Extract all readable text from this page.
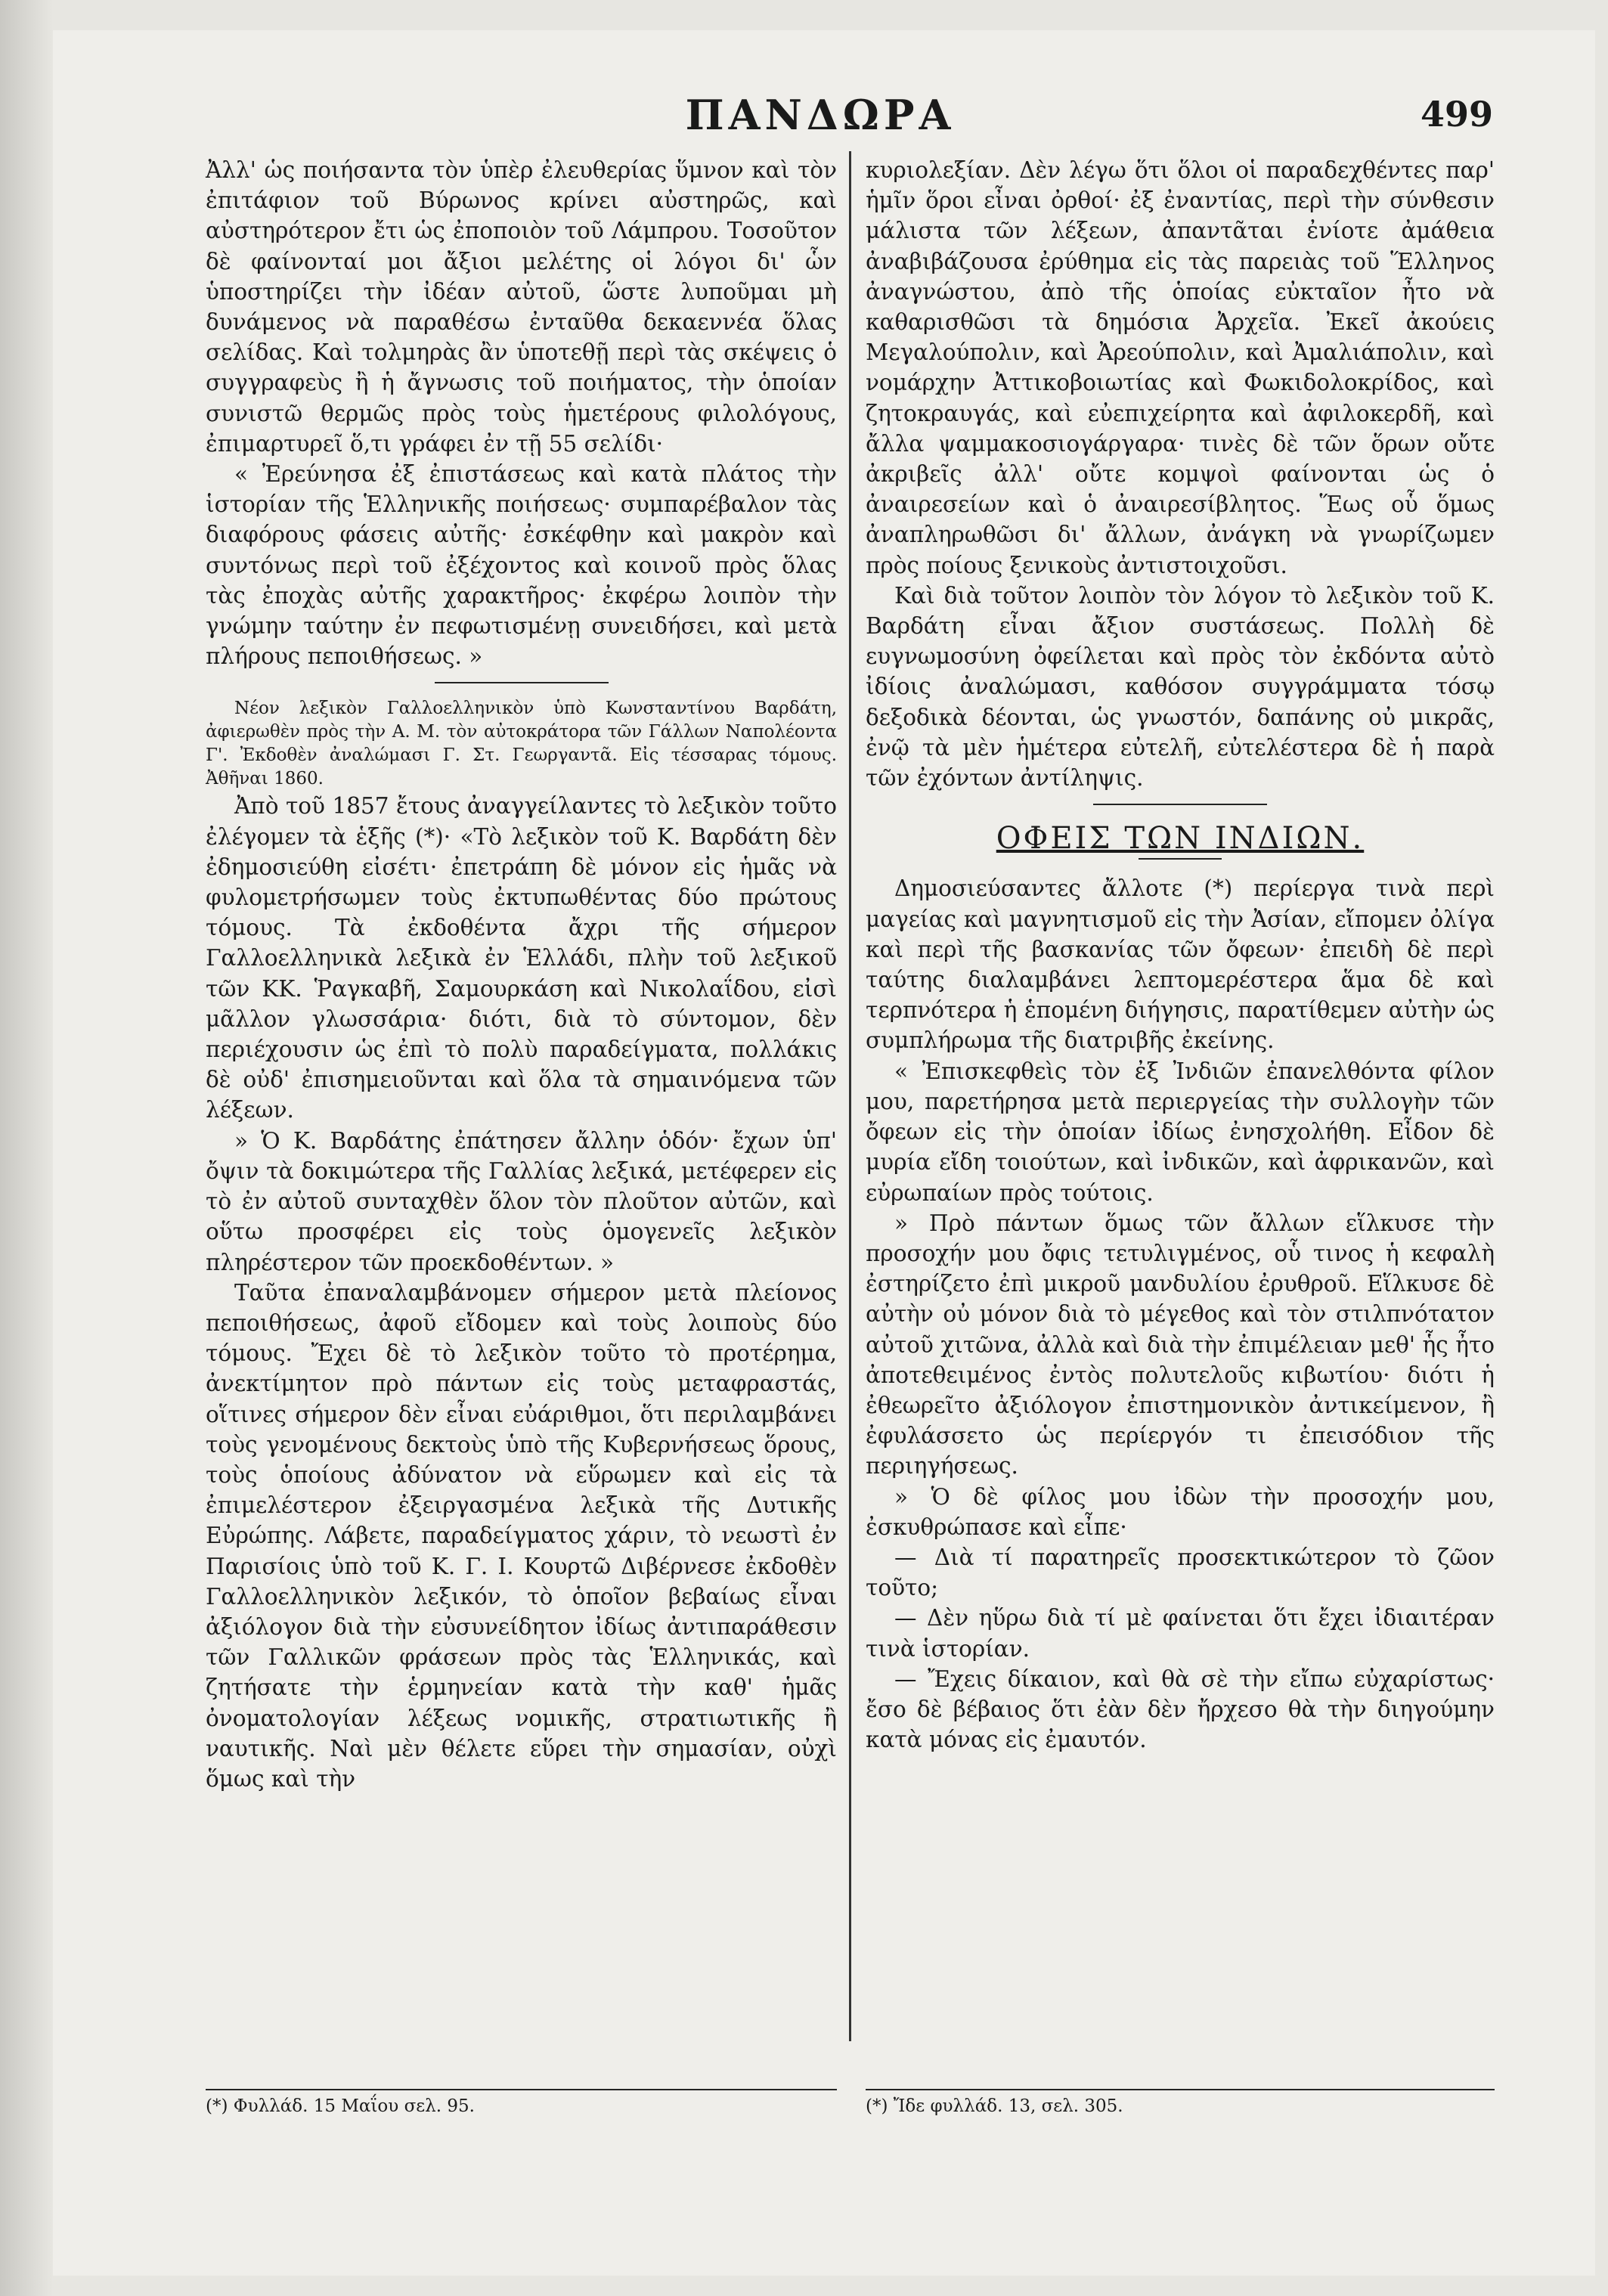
ΠΑΝΔΩΡΑ	499

Ἀλλ' ὡς ποιήσαντα τὸν ὑπὲρ ἐλευθερίας ὕμνον καὶ τὸν ἐπιτάφιον τοῦ Βύρωνος κρίνει αὐστηρῶς, καὶ αὐστηρότερον ἔτι ὡς ἐποποιὸν τοῦ Λάμπρου. Τοσοῦτον δὲ φαίνονταί μοι ἄξιοι μελέτης οἱ λόγοι δι' ὧν ὑποστηρίζει τὴν ἰδέαν αὐτοῦ, ὥστε λυποῦμαι μὴ δυνάμενος νὰ παραθέσω ἐνταῦθα δεκαεννέα ὅλας σελίδας. Καὶ τολμηρὰς ἂν ὑποτεθῇ περὶ τὰς σκέψεις ὁ συγγραφεὺς ἢ ἡ ἄγνωσις τοῦ ποιήματος, τὴν ὁποίαν συνιστῶ θερμῶς πρὸς τοὺς ἡμετέρους φιλολόγους, ἐπιμαρτυρεῖ ὅ,τι γράφει ἐν τῇ 55 σελίδι·

« Ἐρεύνησα ἐξ ἐπιστάσεως καὶ κατὰ πλάτος τὴν ἱστορίαν τῆς Ἑλληνικῆς ποιήσεως· συμπαρέβαλον τὰς διαφόρους φάσεις αὐτῆς· ἐσκέφθην καὶ μακρὸν καὶ συντόνως περὶ τοῦ ἐξέχοντος καὶ κοινοῦ πρὸς ὅλας τὰς ἐποχὰς αὐτῆς χαρακτῆρος· ἐκφέρω λοιπὸν τὴν γνώμην ταύτην ἐν πεφωτισμένῃ συνειδήσει, καὶ μετὰ πλήρους πεποιθήσεως. »

Νέον λεξικὸν Γαλλοελληνικὸν ὑπὸ Κωνσταντίνου Βαρδάτη, ἀφιερωθὲν πρὸς τὴν Α. Μ. τὸν αὐτοκράτορα τῶν Γάλλων Ναπολέοντα Γ'. Ἐκδοθὲν ἀναλώμασι Γ. Στ. Γεωργαντᾶ. Εἰς τέσσαρας τόμους. Ἀθῆναι 1860.

Ἀπὸ τοῦ 1857 ἔτους ἀναγγείλαντες τὸ λεξικὸν τοῦτο ἐλέγομεν τὰ ἑξῆς (*)· «Τὸ λεξικὸν τοῦ Κ. Βαρδάτη δὲν ἐδημοσιεύθη εἰσέτι· ἐπετράπη δὲ μόνον εἰς ἡμᾶς νὰ φυλομετρήσωμεν τοὺς ἐκτυπωθέντας δύο πρώτους τόμους. Τὰ ἐκδοθέντα ἄχρι τῆς σήμερον Γαλλοελληνικὰ λεξικὰ ἐν Ἑλλάδι, πλὴν τοῦ λεξικοῦ τῶν ΚΚ. Ῥαγκαβῆ, Σαμουρκάση καὶ Νικολαΐδου, εἰσὶ μᾶλλον γλωσσάρια· διότι, διὰ τὸ σύντομον, δὲν περιέχουσιν ὡς ἐπὶ τὸ πολὺ παραδείγματα, πολλάκις δὲ οὐδ' ἐπισημειοῦνται καὶ ὅλα τὰ σημαινόμενα τῶν λέξεων.

» Ὁ Κ. Βαρδάτης ἐπάτησεν ἄλλην ὁδόν· ἔχων ὑπ' ὄψιν τὰ δοκιμώτερα τῆς Γαλλίας λεξικά, μετέφερεν εἰς τὸ ἐν αὐτοῦ συνταχθὲν ὅλον τὸν πλοῦτον αὐτῶν, καὶ οὕτω προσφέρει εἰς τοὺς ὁμογενεῖς λεξικὸν πληρέστερον τῶν προεκδοθέντων. »

Ταῦτα ἐπαναλαμβάνομεν σήμερον μετὰ πλείονος πεποιθήσεως, ἀφοῦ εἴδομεν καὶ τοὺς λοιποὺς δύο τόμους. Ἔχει δὲ τὸ λεξικὸν τοῦτο τὸ προτέρημα, ἀνεκτίμητον πρὸ πάντων εἰς τοὺς μεταφραστάς, οἵτινες σήμερον δὲν εἶναι εὐάριθμοι, ὅτι περιλαμβάνει τοὺς γενομένους δεκτοὺς ὑπὸ τῆς Κυβερνήσεως ὅρους, τοὺς ὁποίους ἀδύνατον νὰ εὕρωμεν καὶ εἰς τὰ ἐπιμελέστερον ἐξειργασμένα λεξικὰ τῆς Δυτικῆς Εὐρώπης. Λάβετε, παραδείγματος χάριν, τὸ νεωστὶ ἐν Παρισίοις ὑπὸ τοῦ Κ. Γ. Ι. Κουρτῶ Διβέρνεσε ἐκδοθὲν Γαλλοελληνικὸν λεξικόν, τὸ ὁποῖον βεβαίως εἶναι ἀξιόλογον διὰ τὴν εὐσυνείδητον ἰδίως ἀντιπαράθεσιν τῶν Γαλλικῶν φράσεων πρὸς τὰς Ἑλληνικάς, καὶ ζητήσατε τὴν ἑρμηνείαν κατὰ τὴν καθ' ἡμᾶς ὀνοματολογίαν λέξεως νομικῆς, στρατιωτικῆς ἢ ναυτικῆς. Ναὶ μὲν θέλετε εὕρει τὴν σημασίαν, οὐχὶ ὅμως καὶ τὴν

κυριολεξίαν. Δὲν λέγω ὅτι ὅλοι οἱ παραδεχθέντες παρ' ἡμῖν ὅροι εἶναι ὀρθοί· ἐξ ἐναντίας, περὶ τὴν σύνθεσιν μάλιστα τῶν λέξεων, ἀπαντᾶται ἐνίοτε ἀμάθεια ἀναβιβάζουσα ἐρύθημα εἰς τὰς παρειὰς τοῦ Ἕλληνος ἀναγνώστου, ἀπὸ τῆς ὁποίας εὐκταῖον ἦτο νὰ καθαρισθῶσι τὰ δημόσια Ἀρχεῖα. Ἐκεῖ ἀκούεις Μεγαλούπολιν, καὶ Ἀρεούπολιν, καὶ Ἀμαλιάπολιν, καὶ νομάρχην Ἀττικοβοιωτίας καὶ Φωκιδολοκρίδος, καὶ ζητοκραυγάς, καὶ εὐεπιχείρητα καὶ ἀφιλοκερδῆ, καὶ ἄλλα ψαμμακοσιογάργαρα· τινὲς δὲ τῶν ὅρων οὔτε ἀκριβεῖς ἀλλ' οὔτε κομψοὶ φαίνονται ὡς ὁ ἀναιρεσείων καὶ ὁ ἀναιρεσίβλητος. Ἕως οὗ ὅμως ἀναπληρωθῶσι δι' ἄλλων, ἀνάγκη νὰ γνωρίζωμεν πρὸς ποίους ξενικοὺς ἀντιστοιχοῦσι.

Καὶ διὰ τοῦτον λοιπὸν τὸν λόγον τὸ λεξικὸν τοῦ Κ. Βαρδάτη εἶναι ἄξιον συστάσεως. Πολλὴ δὲ ευγνωμοσύνη ὀφείλεται καὶ πρὸς τὸν ἐκδόντα αὐτὸ ἰδίοις ἀναλώμασι, καθόσον συγγράμματα τόσῳ δεξοδικὰ δέονται, ὡς γνωστόν, δαπάνης οὐ μικρᾶς, ἐνῷ τὰ μὲν ἡμέτερα εὐτελῆ, εὐτελέστερα δὲ ἡ παρὰ τῶν ἐχόντων ἀντίληψις.

ΟΦΕΙΣ ΤΩΝ ΙΝΔΙΩΝ.

Δημοσιεύσαντες ἄλλοτε (*) περίεργα τινὰ περὶ μαγείας καὶ μαγνητισμοῦ εἰς τὴν Ἀσίαν, εἴπομεν ὀλίγα καὶ περὶ τῆς βασκανίας τῶν ὄφεων· ἐπειδὴ δὲ περὶ ταύτης διαλαμβάνει λεπτομερέστερα ἅμα δὲ καὶ τερπνότερα ἡ ἑπομένη διήγησις, παρατίθεμεν αὐτὴν ὡς συμπλήρωμα τῆς διατριβῆς ἐκείνης.

« Ἐπισκεφθεὶς τὸν ἐξ Ἰνδιῶν ἐπανελθόντα φίλον μου, παρετήρησα μετὰ περιεργείας τὴν συλλογὴν τῶν ὄφεων εἰς τὴν ὁποίαν ἰδίως ἐνησχολήθη. Εἶδον δὲ μυρία εἴδη τοιούτων, καὶ ἰνδικῶν, καὶ ἀφρικανῶν, καὶ εὐρωπαίων πρὸς τούτοις.

» Πρὸ πάντων ὅμως τῶν ἄλλων εἵλκυσε τὴν προσοχήν μου ὄφις τετυλιγμένος, οὗ τινος ἡ κεφαλὴ ἐστηρίζετο ἐπὶ μικροῦ μανδυλίου ἐρυθροῦ. Εἵλκυσε δὲ αὐτὴν οὐ μόνον διὰ τὸ μέγεθος καὶ τὸν στιλπνότατον αὐτοῦ χιτῶνα, ἀλλὰ καὶ διὰ τὴν ἐπιμέλειαν μεθ' ἧς ἦτο ἀποτεθειμένος ἐντὸς πολυτελοῦς κιβωτίου· διότι ἡ ἐθεωρεῖτο ἀξιόλογον ἐπιστημονικὸν ἀντικείμενον, ἢ ἐφυλάσσετο ὡς περίεργόν τι ἐπεισόδιον τῆς περιηγήσεως.

» Ὁ δὲ φίλος μου ἰδὼν τὴν προσοχήν μου, ἐσκυθρώπασε καὶ εἶπε·

— Διὰ τί παρατηρεῖς προσεκτικώτερον τὸ ζῶον τοῦτο;

— Δὲν ηὕρω διὰ τί μὲ φαίνεται ὅτι ἔχει ἰδιαιτέραν τινὰ ἱστορίαν.

— Ἔχεις δίκαιον, καὶ θὰ σὲ τὴν εἴπω εὐχαρίστως· ἔσο δὲ βέβαιος ὅτι ἐὰν δὲν ἤρχεσο θὰ τὴν διηγούμην κατὰ μόνας εἰς ἐμαυτόν.

(*) Φυλλάδ. 15 Μαΐου σελ. 95.	(*) Ἴδε φυλλάδ. 13, σελ. 305.
